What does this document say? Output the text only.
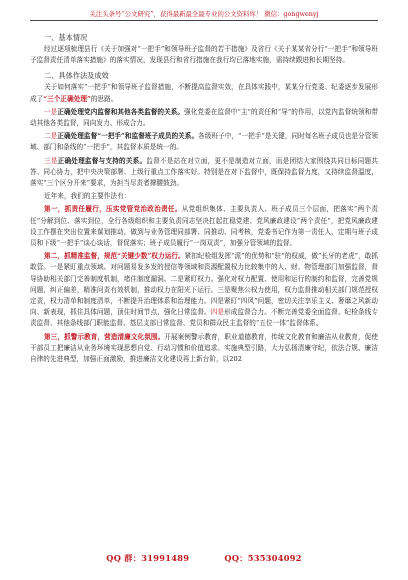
关注头条号“公文研究”，获得最新最全最专业的公文资料库！ 微信：gongwenyj
一、基本情况

经过逐项梳理县行《关于加强对“一把手”和领导班子监督的若干措施》及省行《关于某某省分行“一把手”和领导班子监督责任清单落实措施》的落实情况，发现县行和省行措施在我行均已落地实施，需持续跟进和长期坚持。

二、具体作法及成效

关于如何落实“一把手”和领导班子监督措施，不断提高监督实效，在具体实践中，某某分行党委、纪委逐步发展形成了“三个正确处理”的思路。

一是正确处理党内监督和其他各类监督的关系。强化党委在监督中“主”的责任和“导”的作用，以党内监督统领和带动其他各类监督，同向发力、形成合力。

二是正确处理监督“一把手”和监督班子成员的关系。各级班子中，“一把手”是关键，同时每名班子成员也是分管领域、部门和条线的“一把手”，其监督本质是统一的。

三是正确处理监督与支持的关系。监督不是站在对立面，更不是制造对立面，而是团结大家围绕共同目标同题共答、同心协力，把中央决策部署、上级行重点工作落实好。特别是在对下监督中，既保持监督力度，又持续监督温度，落实“三个区分开来”要求，为担当尽责者撑腰鼓劲。

近年来，我们的主要作法有：

第一，抓责任履行，压实党管党治政治责任。从党组织集体、主要负责人、班子成员三个层面，把落实“两个责任”分解到位、落实到位，全行各级组织和主要负责同志坚决扛起扛稳党建、党风廉政建设“两个责任”，把党风廉政建设工作摆在突出位置来谋划推动，做到与业务管理同部署、同推动、同考核，党委书记作为第一责任人，定期与班子成员和下级“一把手”谈心谈话，督促落实；班子成员履行“一岗双责”，加强分管领域的监督。

第二，抓精准监督，规范“关键少数”权力运行。紧扣纪检组发挥“派”的优势和“驻”的权威，做“长牙的老虎”，敢抓敢管。一是紧盯重点领域。对问题易发多发的授信等领域和资源配置权力比较集中的人、财、物管理部门加强监督，督导协助相关部门完善制度机制，堵住制度漏洞。二是紧盯权力。强化对权力配置、使用和运行的制约和监督，完善党规问题，纠正偏差，精准问责有效机制，推动权力在阳光下运行。三是聚焦公权力使用，权力监督推动相关部门规范授权定责，权力清单和制度清单，不断提升治理体系和治理能力。四是紧盯“四风”问题，密切关注享乐主义、奢靡之风新动向、新表现，抓住具体问题，顶住时间节点，强化日常监督。四是形成监督合力。不断完善党委全面监督、纪检条线专责监督、其他条线部门职能监督、基层支部日常监督、党员和群众民主监督的“五位一体”监督体系。

第三，抓警示教育，营造清廉文化氛围。开展案例警示教育，职业道德教育，传统文化教育和廉洁从业教育，促使干部员工把廉洁从业务环境实现思想自觉、行动习惯和价值追求。实施典型引路，大力弘扬清廉守纪，依法合规、廉洁自律的先进典型，加强正面激励，推进廉洁文化建设再上新台阶，以202

QQ 群：31991489	QQ：535304092
